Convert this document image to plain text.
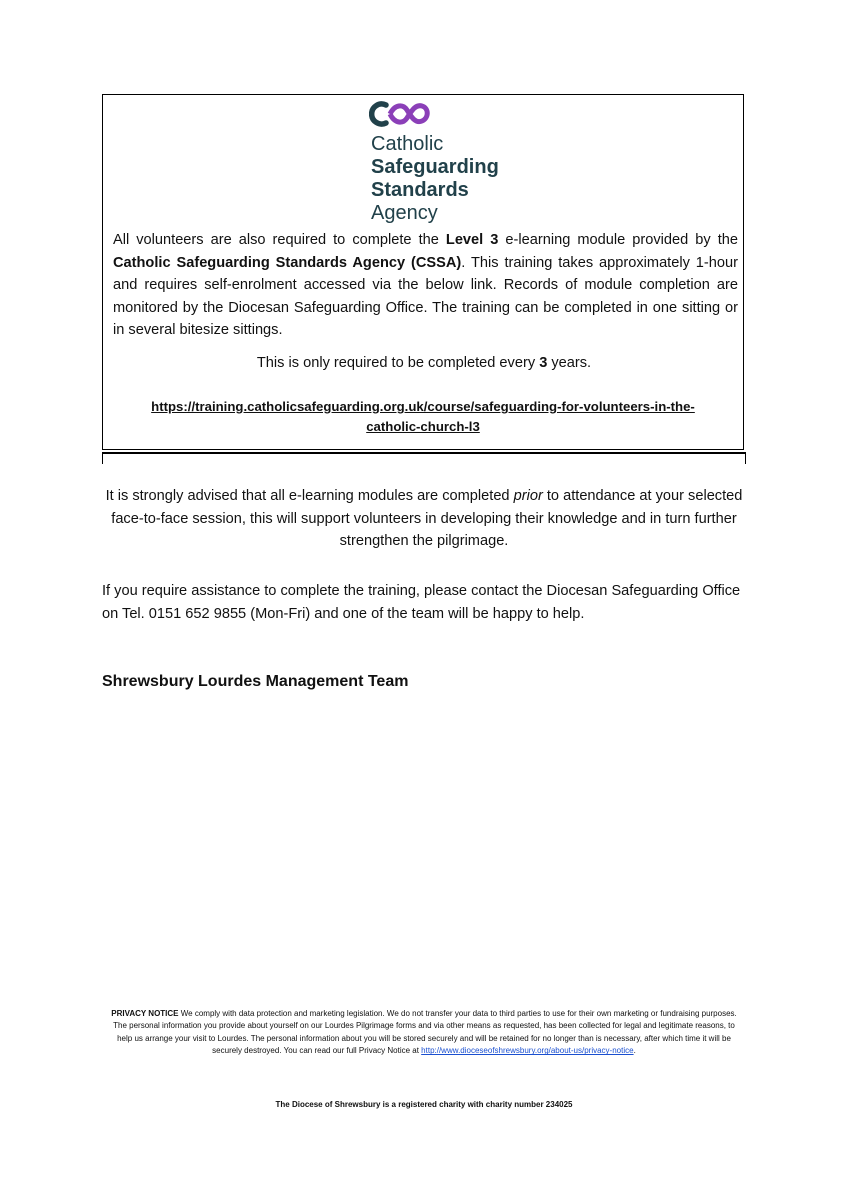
Catholic
Safeguarding
Standards
Agency
All volunteers are also required to complete the Level 3 e-learning module provided by the Catholic Safeguarding Standards Agency (CSSA). This training takes approximately 1-hour and requires self-enrolment accessed via the below link. Records of module completion are monitored by the Diocesan Safeguarding Office. The training can be completed in one sitting or in several bitesize sittings.
This is only required to be completed every 3 years.
https://training.catholicsafeguarding.org.uk/course/safeguarding-for-volunteers-in-the-
catholic-church-l3
It is strongly advised that all e-learning modules are completed prior to attendance at your selected face-to-face session, this will support volunteers in developing their knowledge and in turn further strengthen the pilgrimage.
If you require assistance to complete the training, please contact the Diocesan Safeguarding Office on Tel. 0151 652 9855 (Mon-Fri) and one of the team will be happy to help.
Shrewsbury Lourdes Management Team
PRIVACY NOTICE We comply with data protection and marketing legislation. We do not transfer your data to third parties to use for their own marketing or fundraising purposes. The personal information you provide about yourself on our Lourdes Pilgrimage forms and via other means as requested, has been collected for legal and legitimate reasons, to help us arrange your visit to Lourdes. The personal information about you will be stored securely and will be retained for no longer than is necessary, after which time it will be securely destroyed. You can read our full Privacy Notice at http://www.dioceseofshrewsbury.org/about-us/privacy-notice.
The Diocese of Shrewsbury is a registered charity with charity number 234025
